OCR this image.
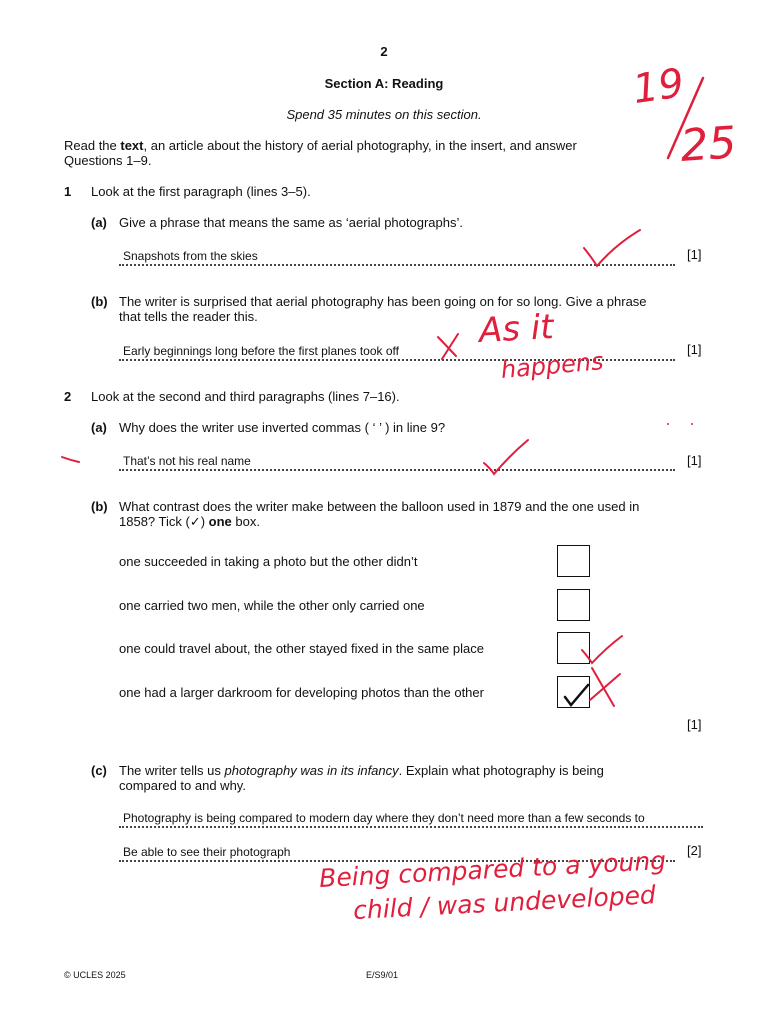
2
Section A: Reading
Spend 35 minutes on this section.
Read the text, an article about the history of aerial photography, in the insert, and answer
Questions 1–9.
1 Look at the first paragraph (lines 3–5).
(a) Give a phrase that means the same as ‘aerial photographs’.
Snapshots from the skies	[1]
(b) The writer is surprised that aerial photography has been going on for so long. Give a phrase
that tells the reader this.
Early beginnings long before the first planes took off	[1]
2 Look at the second and third paragraphs (lines 7–16).
(a) Why does the writer use inverted commas ( ‘ ’ ) in line 9?
That’s not his real name	[1]
(b) What contrast does the writer make between the balloon used in 1879 and the one used in
1858? Tick (✓) one box.
one succeeded in taking a photo but the other didn’t
one carried two men, while the other only carried one
one could travel about, the other stayed fixed in the same place
one had a larger darkroom for developing photos than the other
[1]
(c) The writer tells us photography was in its infancy. Explain what photography is being
compared to and why.
Photography is being compared to modern day where they don’t need more than a few seconds to
Be able to see their photograph	[2]
© UCLES 2025	E/S9/01
19
25
As it
happens
Being compared to a young
child / was undeveloped
